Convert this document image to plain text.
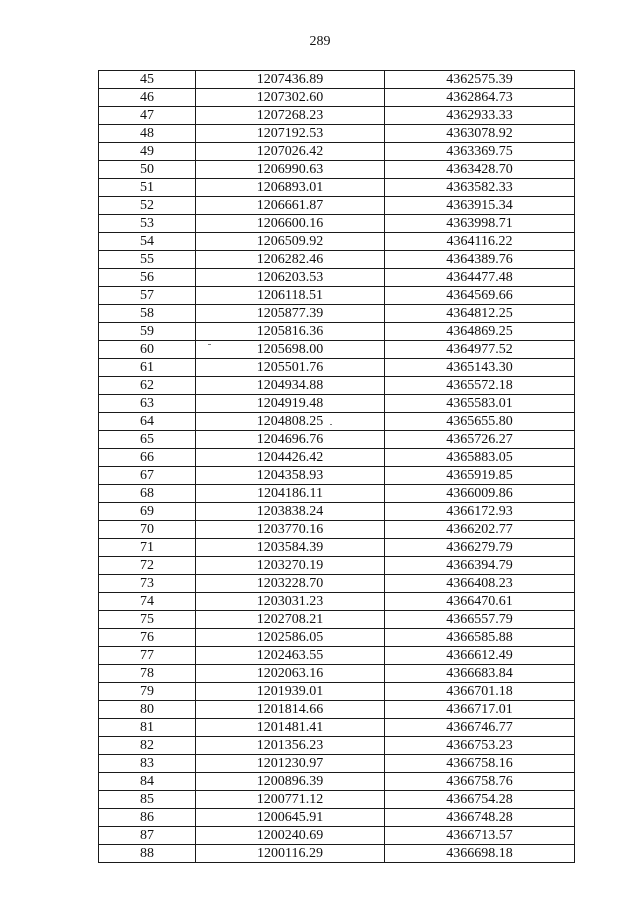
289
45	1207436.89	4362575.39
46	1207302.60	4362864.73
47	1207268.23	4362933.33
48	1207192.53	4363078.92
49	1207026.42	4363369.75
50	1206990.63	4363428.70
51	1206893.01	4363582.33
52	1206661.87	4363915.34
53	1206600.16	4363998.71
54	1206509.92	4364116.22
55	1206282.46	4364389.76
56	1206203.53	4364477.48
57	1206118.51	4364569.66
58	1205877.39	4364812.25
59	1205816.36	4364869.25
60	1205698.00	4364977.52
61	1205501.76	4365143.30
62	1204934.88	4365572.18
63	1204919.48	4365583.01
64	1204808.25	4365655.80
65	1204696.76	4365726.27
66	1204426.42	4365883.05
67	1204358.93	4365919.85
68	1204186.11	4366009.86
69	1203838.24	4366172.93
70	1203770.16	4366202.77
71	1203584.39	4366279.79
72	1203270.19	4366394.79
73	1203228.70	4366408.23
74	1203031.23	4366470.61
75	1202708.21	4366557.79
76	1202586.05	4366585.88
77	1202463.55	4366612.49
78	1202063.16	4366683.84
79	1201939.01	4366701.18
80	1201814.66	4366717.01
81	1201481.41	4366746.77
82	1201356.23	4366753.23
83	1201230.97	4366758.16
84	1200896.39	4366758.76
85	1200771.12	4366754.28
86	1200645.91	4366748.28
87	1200240.69	4366713.57
88	1200116.29	4366698.18
